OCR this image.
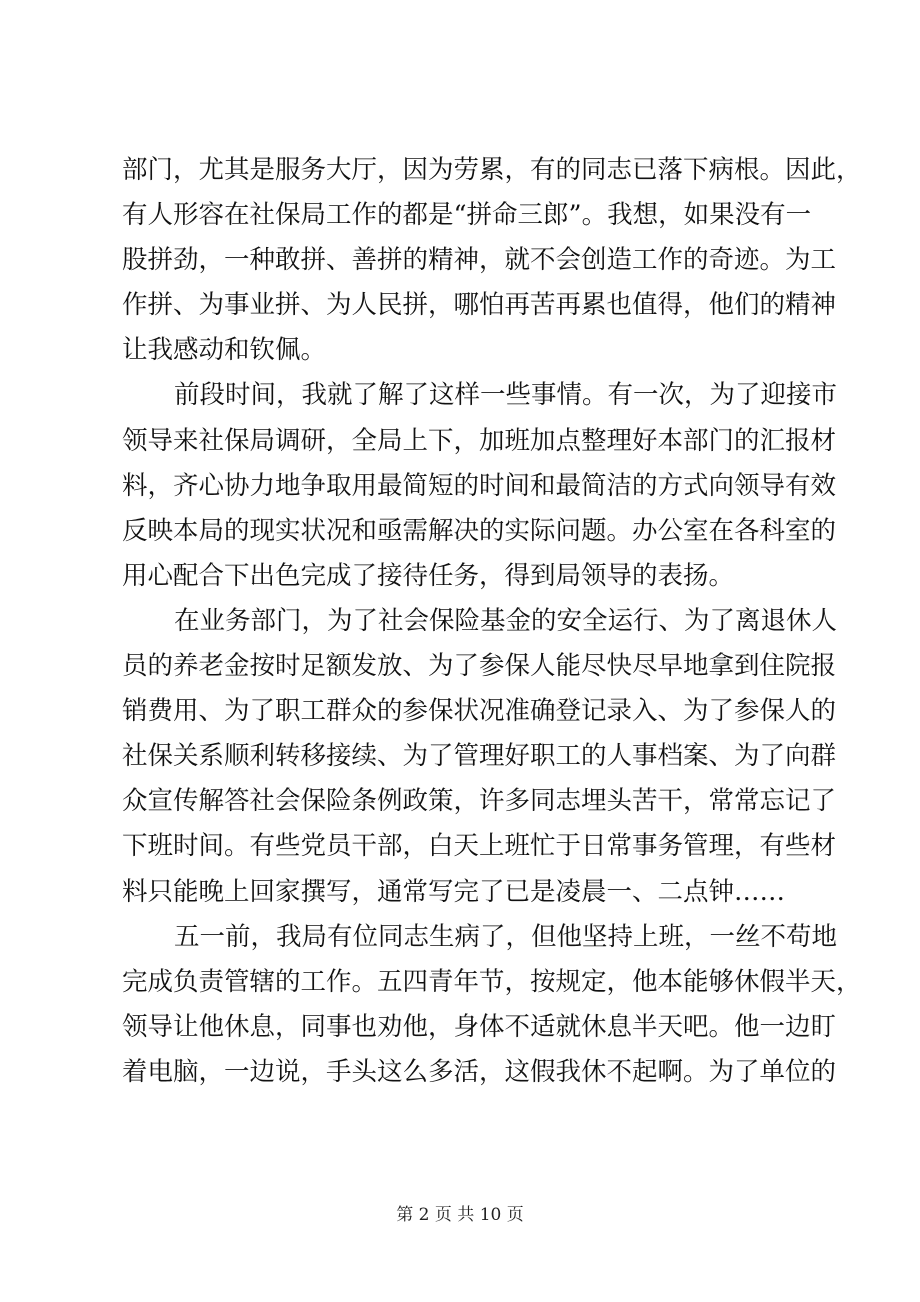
部门，尤其是服务大厅，因为劳累，有的同志已落下病根。因此，
有人形容在社保局工作的都是“拼命三郎”。我想，如果没有一
股拼劲，一种敢拼、善拼的精神，就不会创造工作的奇迹。为工
作拼、为事业拼、为人民拼，哪怕再苦再累也值得，他们的精神
让我感动和钦佩。
前段时间，我就了解了这样一些事情。有一次，为了迎接市
领导来社保局调研，全局上下，加班加点整理好本部门的汇报材
料，齐心协力地争取用最简短的时间和最简洁的方式向领导有效
反映本局的现实状况和亟需解决的实际问题。办公室在各科室的
用心配合下出色完成了接待任务，得到局领导的表扬。
在业务部门，为了社会保险基金的安全运行、为了离退休人
员的养老金按时足额发放、为了参保人能尽快尽早地拿到住院报
销费用、为了职工群众的参保状况准确登记录入、为了参保人的
社保关系顺利转移接续、为了管理好职工的人事档案、为了向群
众宣传解答社会保险条例政策，许多同志埋头苦干，常常忘记了
下班时间。有些党员干部，白天上班忙于日常事务管理，有些材
料只能晚上回家撰写，通常写完了已是凌晨一、二点钟……
五一前，我局有位同志生病了，但他坚持上班，一丝不苟地
完成负责管辖的工作。五四青年节，按规定，他本能够休假半天，
领导让他休息，同事也劝他，身体不适就休息半天吧。他一边盯
着电脑，一边说，手头这么多活，这假我休不起啊。为了单位的
第 2 页 共 10 页
